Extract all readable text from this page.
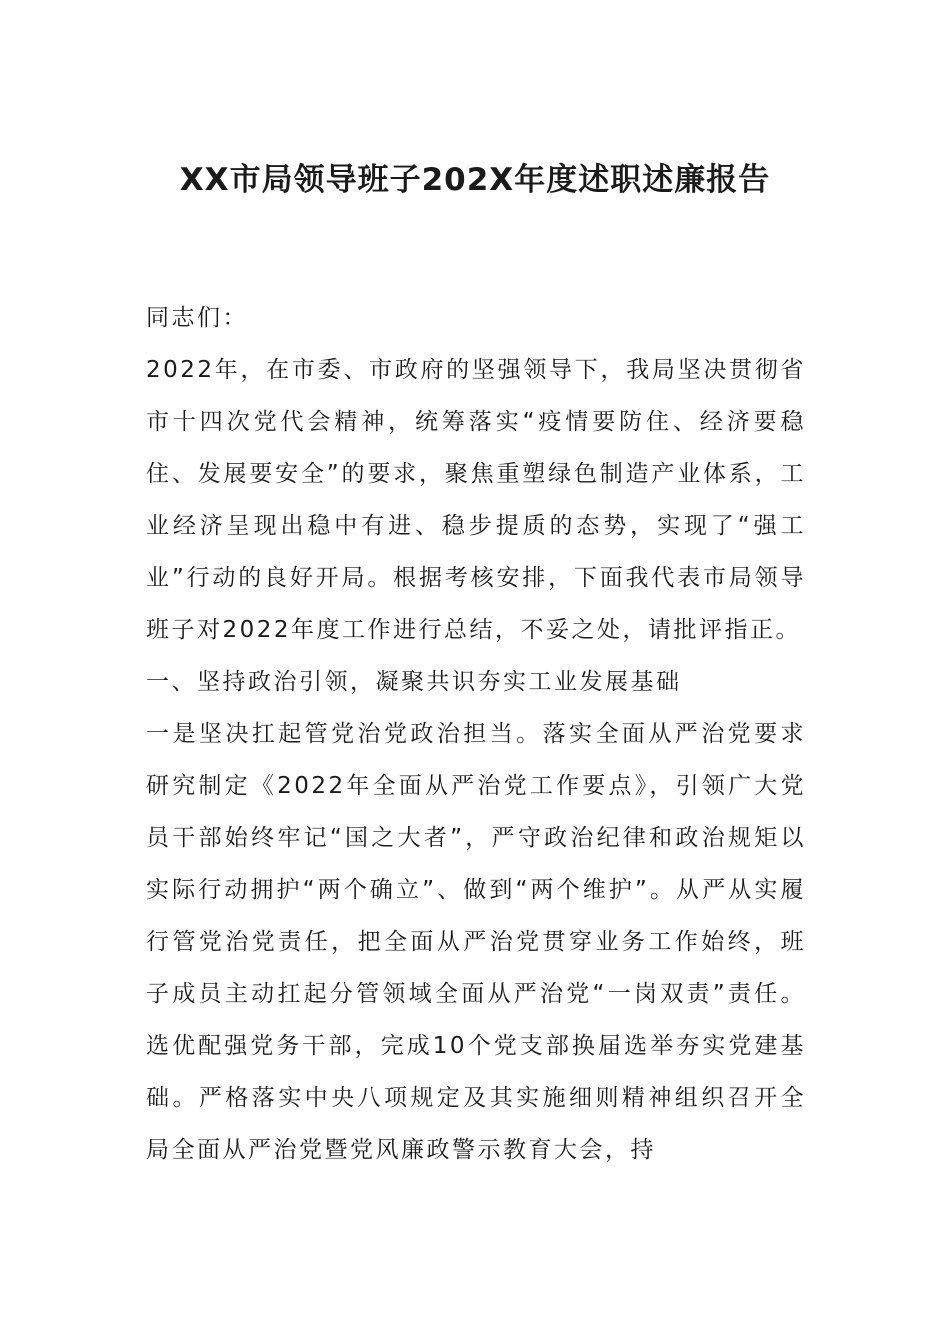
XX市局领导班子202X年度述职述廉报告

同志们：

2022年，在市委、市政府的坚强领导下，我局坚决贯彻省市十四次党代会精神，统筹落实“疫情要防住、经济要稳住、发展要安全”的要求，聚焦重塑绿色制造产业体系，工业经济呈现出稳中有进、稳步提质的态势，实现了“强工业”行动的良好开局。根据考核安排，下面我代表市局领导班子对2022年度工作进行总结，不妥之处，请批评指正。

一、坚持政治引领，凝聚共识夯实工业发展基础

一是坚决扛起管党治党政治担当。落实全面从严治党要求研究制定《2022年全面从严治党工作要点》，引领广大党员干部始终牢记“国之大者”，严守政治纪律和政治规矩以实际行动拥护“两个确立”、做到“两个维护”。从严从实履行管党治党责任，把全面从严治党贯穿业务工作始终，班子成员主动扛起分管领域全面从严治党“一岗双责”责任。选优配强党务干部，完成10个党支部换届选举夯实党建基础。严格落实中央八项规定及其实施细则精神组织召开全局全面从严治党暨党风廉政警示教育大会，持
